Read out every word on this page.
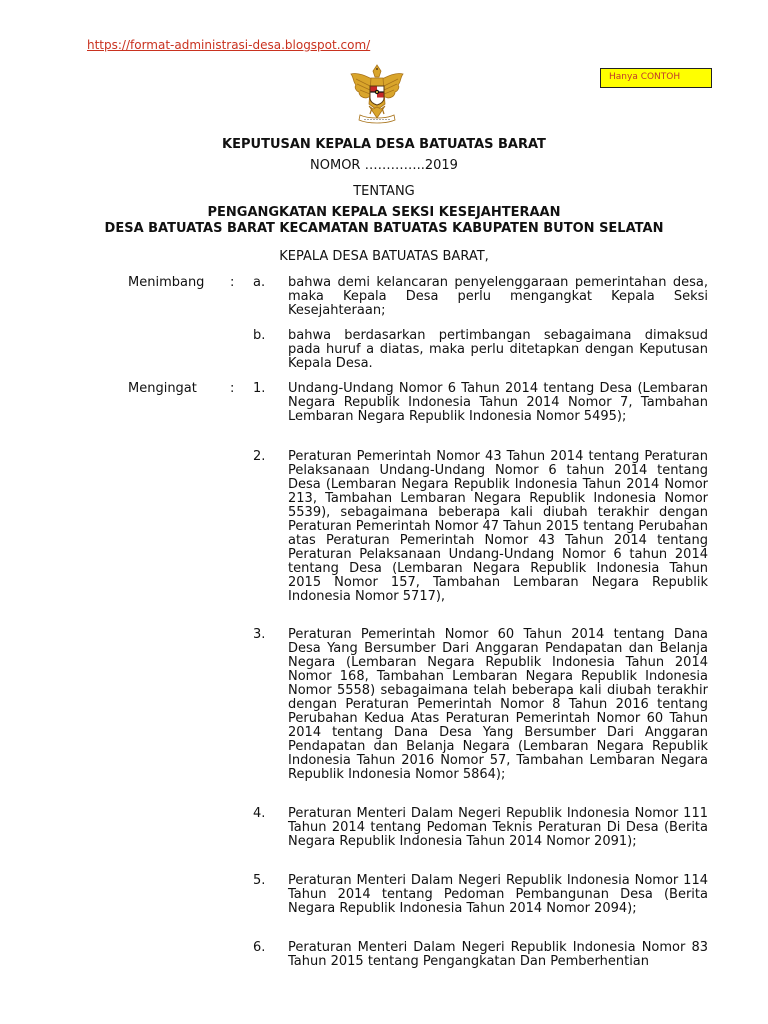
https://format-administrasi-desa.blogspot.com/
Hanya CONTOH
KEPUTUSAN KEPALA DESA BATUATAS BARAT
NOMOR …………..2019
TENTANG
PENGANGKATAN KEPALA SEKSI KESEJAHTERAAN
DESA BATUATAS BARAT KECAMATAN BATUATAS KABUPATEN BUTON SELATAN
KEPALA DESA BATUATAS BARAT,
Menimbang : a. bahwa demi kelancaran penyelenggaraan pemerintahan desa, maka Kepala Desa perlu mengangkat Kepala Seksi Kesejahteraan;

b. bahwa berdasarkan pertimbangan sebagaimana dimaksud pada huruf a diatas, maka perlu ditetapkan dengan Keputusan Kepala Desa.

Mengingat	: 1. Undang-Undang Nomor 6 Tahun 2014 tentang Desa (Lembaran Negara Republik Indonesia Tahun 2014 Nomor 7, Tambahan Lembaran Negara Republik Indonesia Nomor 5495);

2. Peraturan Pemerintah Nomor 43 Tahun 2014 tentang Peraturan Pelaksanaan Undang-Undang Nomor 6 tahun 2014 tentang Desa (Lembaran Negara Republik Indonesia Tahun 2014 Nomor 213, Tambahan Lembaran Negara Republik Indonesia Nomor 5539), sebagaimana beberapa kali diubah terakhir dengan Peraturan Pemerintah Nomor 47 Tahun 2015 tentang Perubahan atas Peraturan Pemerintah Nomor 43 Tahun 2014 tentang Peraturan Pelaksanaan Undang-Undang Nomor 6 tahun 2014 tentang Desa (Lembaran Negara Republik Indonesia Tahun 2015 Nomor 157, Tambahan Lembaran Negara Republik Indonesia Nomor 5717),

3. Peraturan Pemerintah Nomor 60 Tahun 2014 tentang Dana Desa Yang Bersumber Dari Anggaran Pendapatan dan Belanja Negara (Lembaran Negara Republik Indonesia Tahun 2014 Nomor 168, Tambahan Lembaran Negara Republik Indonesia Nomor 5558) sebagaimana telah beberapa kali diubah terakhir dengan Peraturan Pemerintah Nomor 8 Tahun 2016 tentang Perubahan Kedua Atas Peraturan Pemerintah Nomor 60 Tahun 2014 tentang Dana Desa Yang Bersumber Dari Anggaran Pendapatan dan Belanja Negara (Lembaran Negara Republik Indonesia Tahun 2016 Nomor 57, Tambahan Lembaran Negara Republik Indonesia Nomor 5864);

4. Peraturan Menteri Dalam Negeri Republik Indonesia Nomor 111 Tahun 2014 tentang Pedoman Teknis Peraturan Di Desa (Berita Negara Republik Indonesia Tahun 2014 Nomor 2091);

5. Peraturan Menteri Dalam Negeri Republik Indonesia Nomor 114 Tahun 2014 tentang Pedoman Pembangunan Desa (Berita Negara Republik Indonesia Tahun 2014 Nomor 2094);

6. Peraturan Menteri Dalam Negeri Republik Indonesia Nomor 83 Tahun 2015 tentang Pengangkatan Dan Pemberhentian
